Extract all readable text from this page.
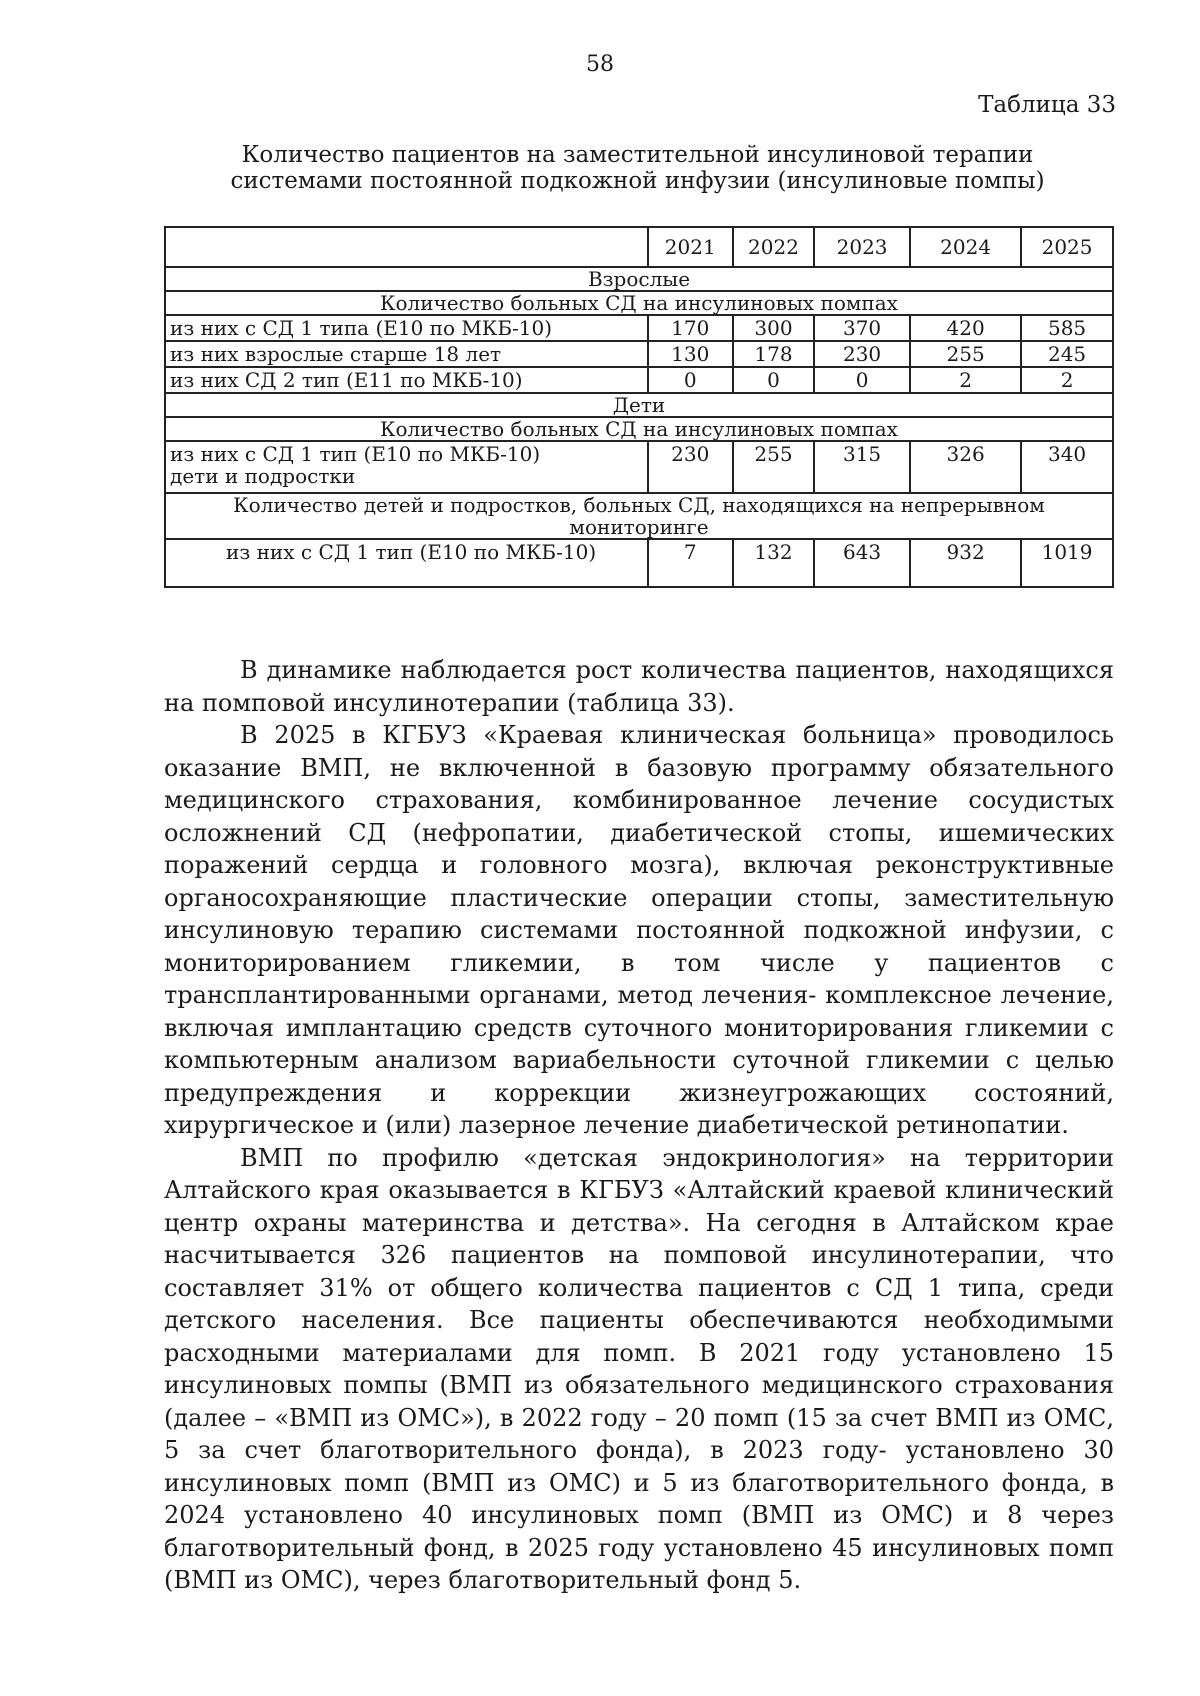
58
Таблица 33
Количество пациентов на заместительной инсулиновой терапии
системами постоянной подкожной инфузии (инсулиновые помпы)
	2021	2022	2023	2024	2025
Взрослые					
Количество больных СД на инсулиновых помпах					
из них с СД 1 типа (Е10 по МКБ-10)	170	300	370	420	585
из них взрослые старше 18 лет	130	178	230	255	245
из них СД 2 тип (Е11 по МКБ-10)	0	0	0	2	2
Дети					
Количество больных СД на инсулиновых помпах					

из них с СД 1 тип (Е10 по МКБ-10)
дети и подростки	230	255	315	326	340
Количество детей и подростков, больных СД, находящихся на непрерывном мониторинге					
из них с СД 1 тип (Е10 по МКБ-10)	7	132	643	932	1019

В динамике наблюдается рост количества пациентов, находящихся на помповой инсулинотерапии (таблица 33).

В 2025 в КГБУЗ «Краевая клиническая больница» проводилось оказание ВМП, не включенной в базовую программу обязательного медицинского страхования, комбинированное лечение сосудистых осложнений СД (нефропатии, диабетической стопы, ишемических поражений сердца и головного мозга), включая реконструктивные органосохраняющие пластические операции стопы, заместительную инсулиновую терапию системами постоянной подкожной инфузии, с мониторированием гликемии, в том числе у пациентов с трансплантированными органами, метод лечения- комплексное лечение, включая имплантацию средств суточного мониторирования гликемии с компьютерным анализом вариабельности суточной гликемии с целью предупреждения и коррекции жизнеугрожающих состояний, хирургическое и (или) лазерное лечение диабетической ретинопатии.

ВМП по профилю «детская эндокринология» на территории Алтайского края оказывается в КГБУЗ «Алтайский краевой клинический центр охраны материнства и детства». На сегодня в Алтайском крае насчитывается 326 пациентов на помповой инсулинотерапии, что составляет 31% от общего количества пациентов с СД 1 типа, среди детского населения. Все пациенты обеспечиваются необходимыми расходными материалами для помп. В 2021 году установлено 15 инсулиновых помпы (ВМП из обязательного медицинского страхования (далее – «ВМП из ОМС»), в 2022 году – 20 помп (15 за счет ВМП из ОМС, 5 за счет благотворительного фонда), в 2023 году- установлено 30 инсулиновых помп (ВМП из ОМС) и 5 из благотворительного фонда, в 2024 установлено 40 инсулиновых помп (ВМП из ОМС) и 8 через благотворительный фонд, в 2025 году установлено 45 инсулиновых помп (ВМП из ОМС), через благотворительный фонд 5.
